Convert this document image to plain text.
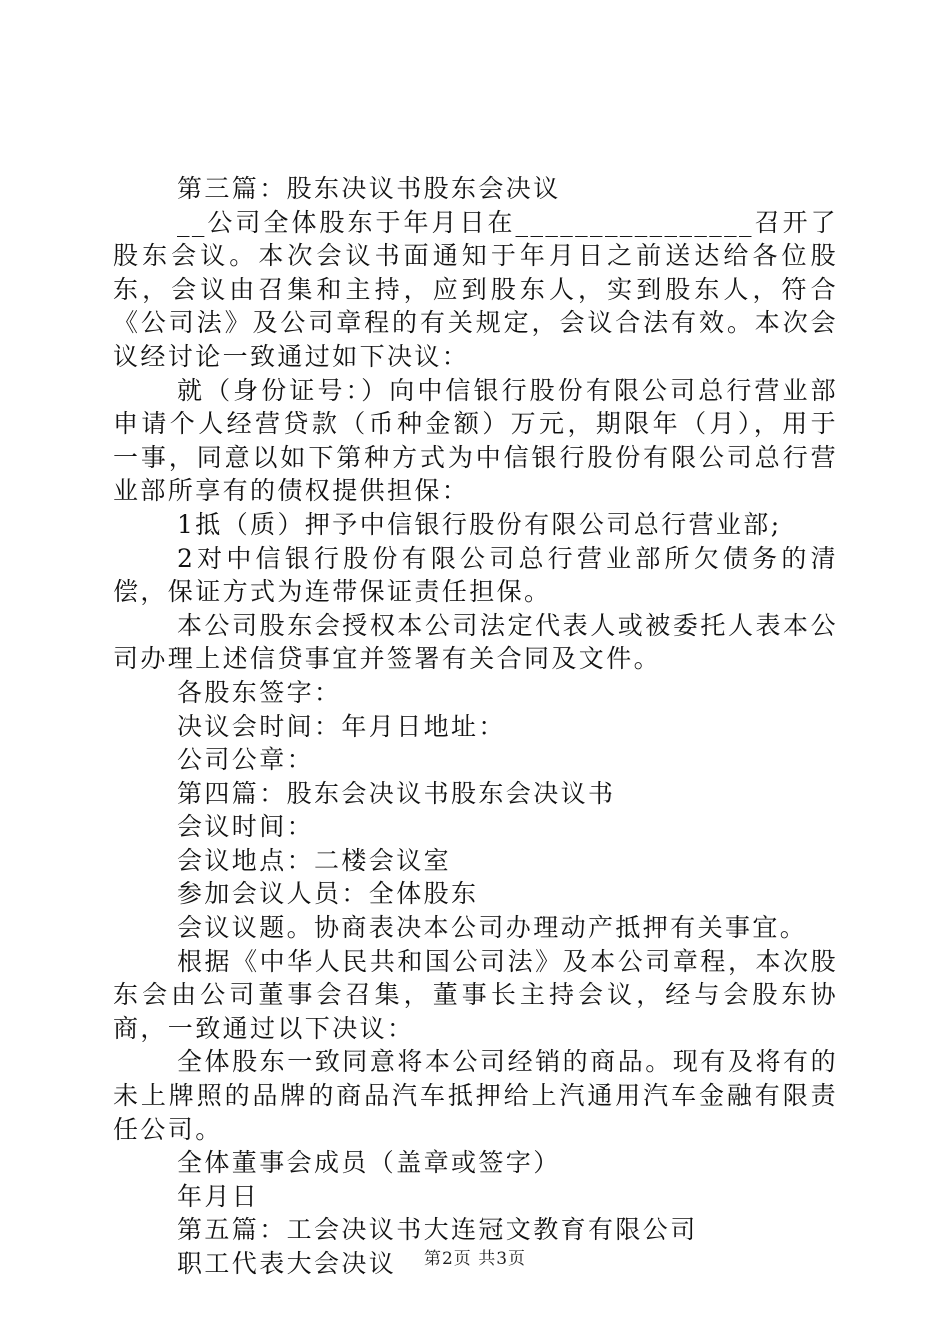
第三篇：股东决议书股东会决议

__公司全体股东于年月日在________________召开了股东会议。本次会议书面通知于年月日之前送达给各位股东，会议由召集和主持，应到股东人，实到股东人，符合《公司法》及公司章程的有关规定，会议合法有效。本次会议经讨论一致通过如下决议：

就（身份证号：）向中信银行股份有限公司总行营业部申请个人经营贷款（币种金额）万元，期限年（月），用于一事，同意以如下第种方式为中信银行股份有限公司总行营业部所享有的债权提供担保：

1抵（质）押予中信银行股份有限公司总行营业部;

2对中信银行股份有限公司总行营业部所欠债务的清偿，保证方式为连带保证责任担保。

本公司股东会授权本公司法定代表人或被委托人表本公司办理上述信贷事宜并签署有关合同及文件。

各股东签字：

决议会时间：年月日地址：

公司公章：

第四篇：股东会决议书股东会决议书

会议时间：

会议地点：二楼会议室

参加会议人员：全体股东

会议议题。协商表决本公司办理动产抵押有关事宜。

根据《中华人民共和国公司法》及本公司章程，本次股东会由公司董事会召集，董事长主持会议，经与会股东协商，一致通过以下决议：

全体股东一致同意将本公司经销的商品。现有及将有的未上牌照的品牌的商品汽车抵押给上汽通用汽车金融有限责任公司。

全体董事会成员（盖章或签字）

年月日

第五篇：工会决议书大连冠文教育有限公司

职工代表大会决议	第2页 共3页
